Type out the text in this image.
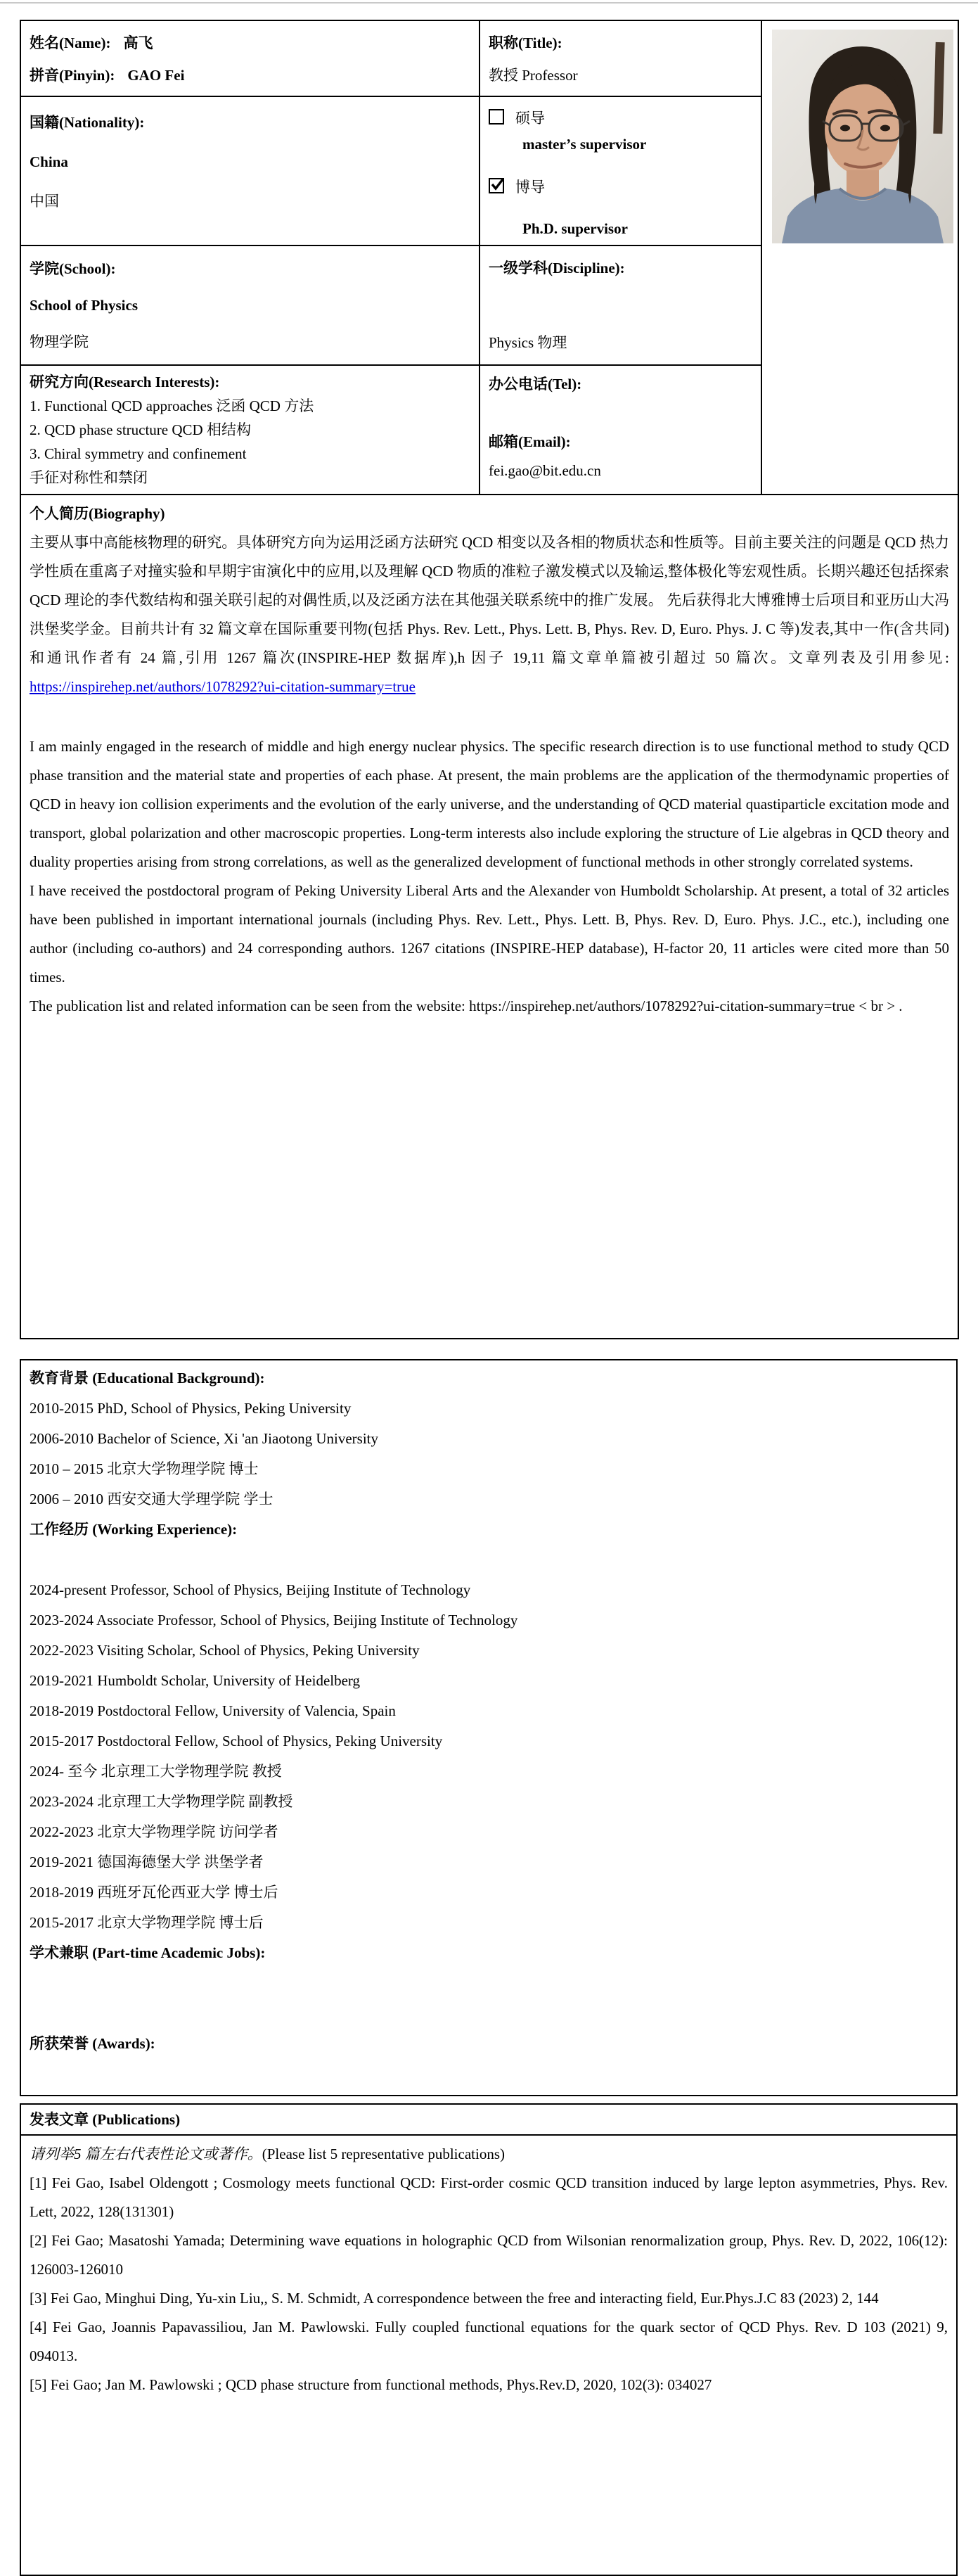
姓名(Name): 高飞
拼音(Pinyin): GAO Fei

职称(Title):
教授 Professor

国籍(Nationality):
China
中国

硕导
master’s supervisor
博导
Ph.D. supervisor

学院(School):
School of Physics
物理学院

一级学科(Discipline):
Physics 物理

研究方向(Research Interests):
1. Functional QCD approaches 泛函 QCD 方法
2. QCD phase structure QCD 相结构
3. Chiral symmetry and confinement
手征对称性和禁闭

办公电话(Tel):
邮箱(Email):
fei.gao@bit.edu.cn

个人简历(Biography)
主要从事中高能核物理的研究。具体研究方向为运用泛函方法研究 QCD 相变以及各相的物质状态和性质等。目前主要关注的问题是 QCD 热力学性质在重离子对撞实验和早期宇宙演化中的应用,以及理解 QCD 物质的准粒子激发模式以及输运,整体极化等宏观性质。长期兴趣还包括探索 QCD 理论的李代数结构和强关联引起的对偶性质,以及泛函方法在其他强关联系统中的推广发展。 先后获得北大博雅博士后项目和亚历山大冯洪堡奖学金。目前共计有 32 篇文章在国际重要刊物(包括 Phys. Rev. Lett., Phys. Lett. B, Phys. Rev. D, Euro. Phys. J. C 等)发表,其中一作(含共同)和通讯作者有 24 篇,引用 1267 篇次(INSPIRE-HEP 数据库),h 因子 19,11 篇文章单篇被引超过 50 篇次。文章列表及引用参见:
https://inspirehep.net/authors/1078292?ui-citation-summary=true
I am mainly engaged in the research of middle and high energy nuclear physics. The specific research direction is to use functional method to study QCD phase transition and the material state and properties of each phase. At present, the main problems are the application of the thermodynamic properties of QCD in heavy ion collision experiments and the evolution of the early universe, and the understanding of QCD material quastiparticle excitation mode and transport, global polarization and other macroscopic properties. Long-term interests also include exploring the structure of Lie algebras in QCD theory and duality properties arising from strong correlations, as well as the generalized development of functional methods in other strongly correlated systems.
I have received the postdoctoral program of Peking University Liberal Arts and the Alexander von Humboldt Scholarship. At present, a total of 32 articles have been published in important international journals (including Phys. Rev. Lett., Phys. Lett. B, Phys. Rev. D, Euro. Phys. J.C., etc.), including one author (including co-authors) and 24 corresponding authors. 1267 citations (INSPIRE-HEP database), H-factor 20, 11 articles were cited more than 50 times.
The publication list and related information can be seen from the website: https://inspirehep.net/authors/1078292?ui-citation-summary=true < br > .
教育背景 (Educational Background):
2010-2015 PhD, School of Physics, Peking University
2006-2010 Bachelor of Science, Xi 'an Jiaotong University
2010 – 2015 北京大学物理学院 博士
2006 – 2010 西安交通大学理学院 学士
工作经历 (Working Experience):
2024-present Professor, School of Physics, Beijing Institute of Technology
2023-2024 Associate Professor, School of Physics, Beijing Institute of Technology
2022-2023 Visiting Scholar, School of Physics, Peking University
2019-2021 Humboldt Scholar, University of Heidelberg
2018-2019 Postdoctoral Fellow, University of Valencia, Spain
2015-2017 Postdoctoral Fellow, School of Physics, Peking University
2024- 至今 北京理工大学物理学院 教授
2023-2024 北京理工大学物理学院 副教授
2022-2023 北京大学物理学院 访问学者
2019-2021 德国海德堡大学 洪堡学者
2018-2019 西班牙瓦伦西亚大学 博士后
2015-2017 北京大学物理学院 博士后
学术兼职 (Part-time Academic Jobs):
所获荣誉 (Awards):
发表文章 (Publications)

请列举5 篇左右代表性论文或著作。(Please list 5 representative publications)
[1] Fei Gao, Isabel Oldengott ; Cosmology meets functional QCD: First-order cosmic QCD transition induced by large lepton asymmetries, Phys. Rev. Lett, 2022, 128(131301)
[2] Fei Gao; Masatoshi Yamada; Determining wave equations in holographic QCD from Wilsonian renormalization group, Phys. Rev. D, 2022, 106(12): 126003-126010
[3] Fei Gao, Minghui Ding, Yu-xin Liu,, S. M. Schmidt, A correspondence between the free and interacting field, Eur.Phys.J.C 83 (2023) 2, 144
[4] Fei Gao, Joannis Papavassiliou, Jan M. Pawlowski. Fully coupled functional equations for the quark sector of QCD Phys. Rev. D 103 (2021) 9, 094013.
[5] Fei Gao; Jan M. Pawlowski ; QCD phase structure from functional methods, Phys.Rev.D, 2020, 102(3): 034027
